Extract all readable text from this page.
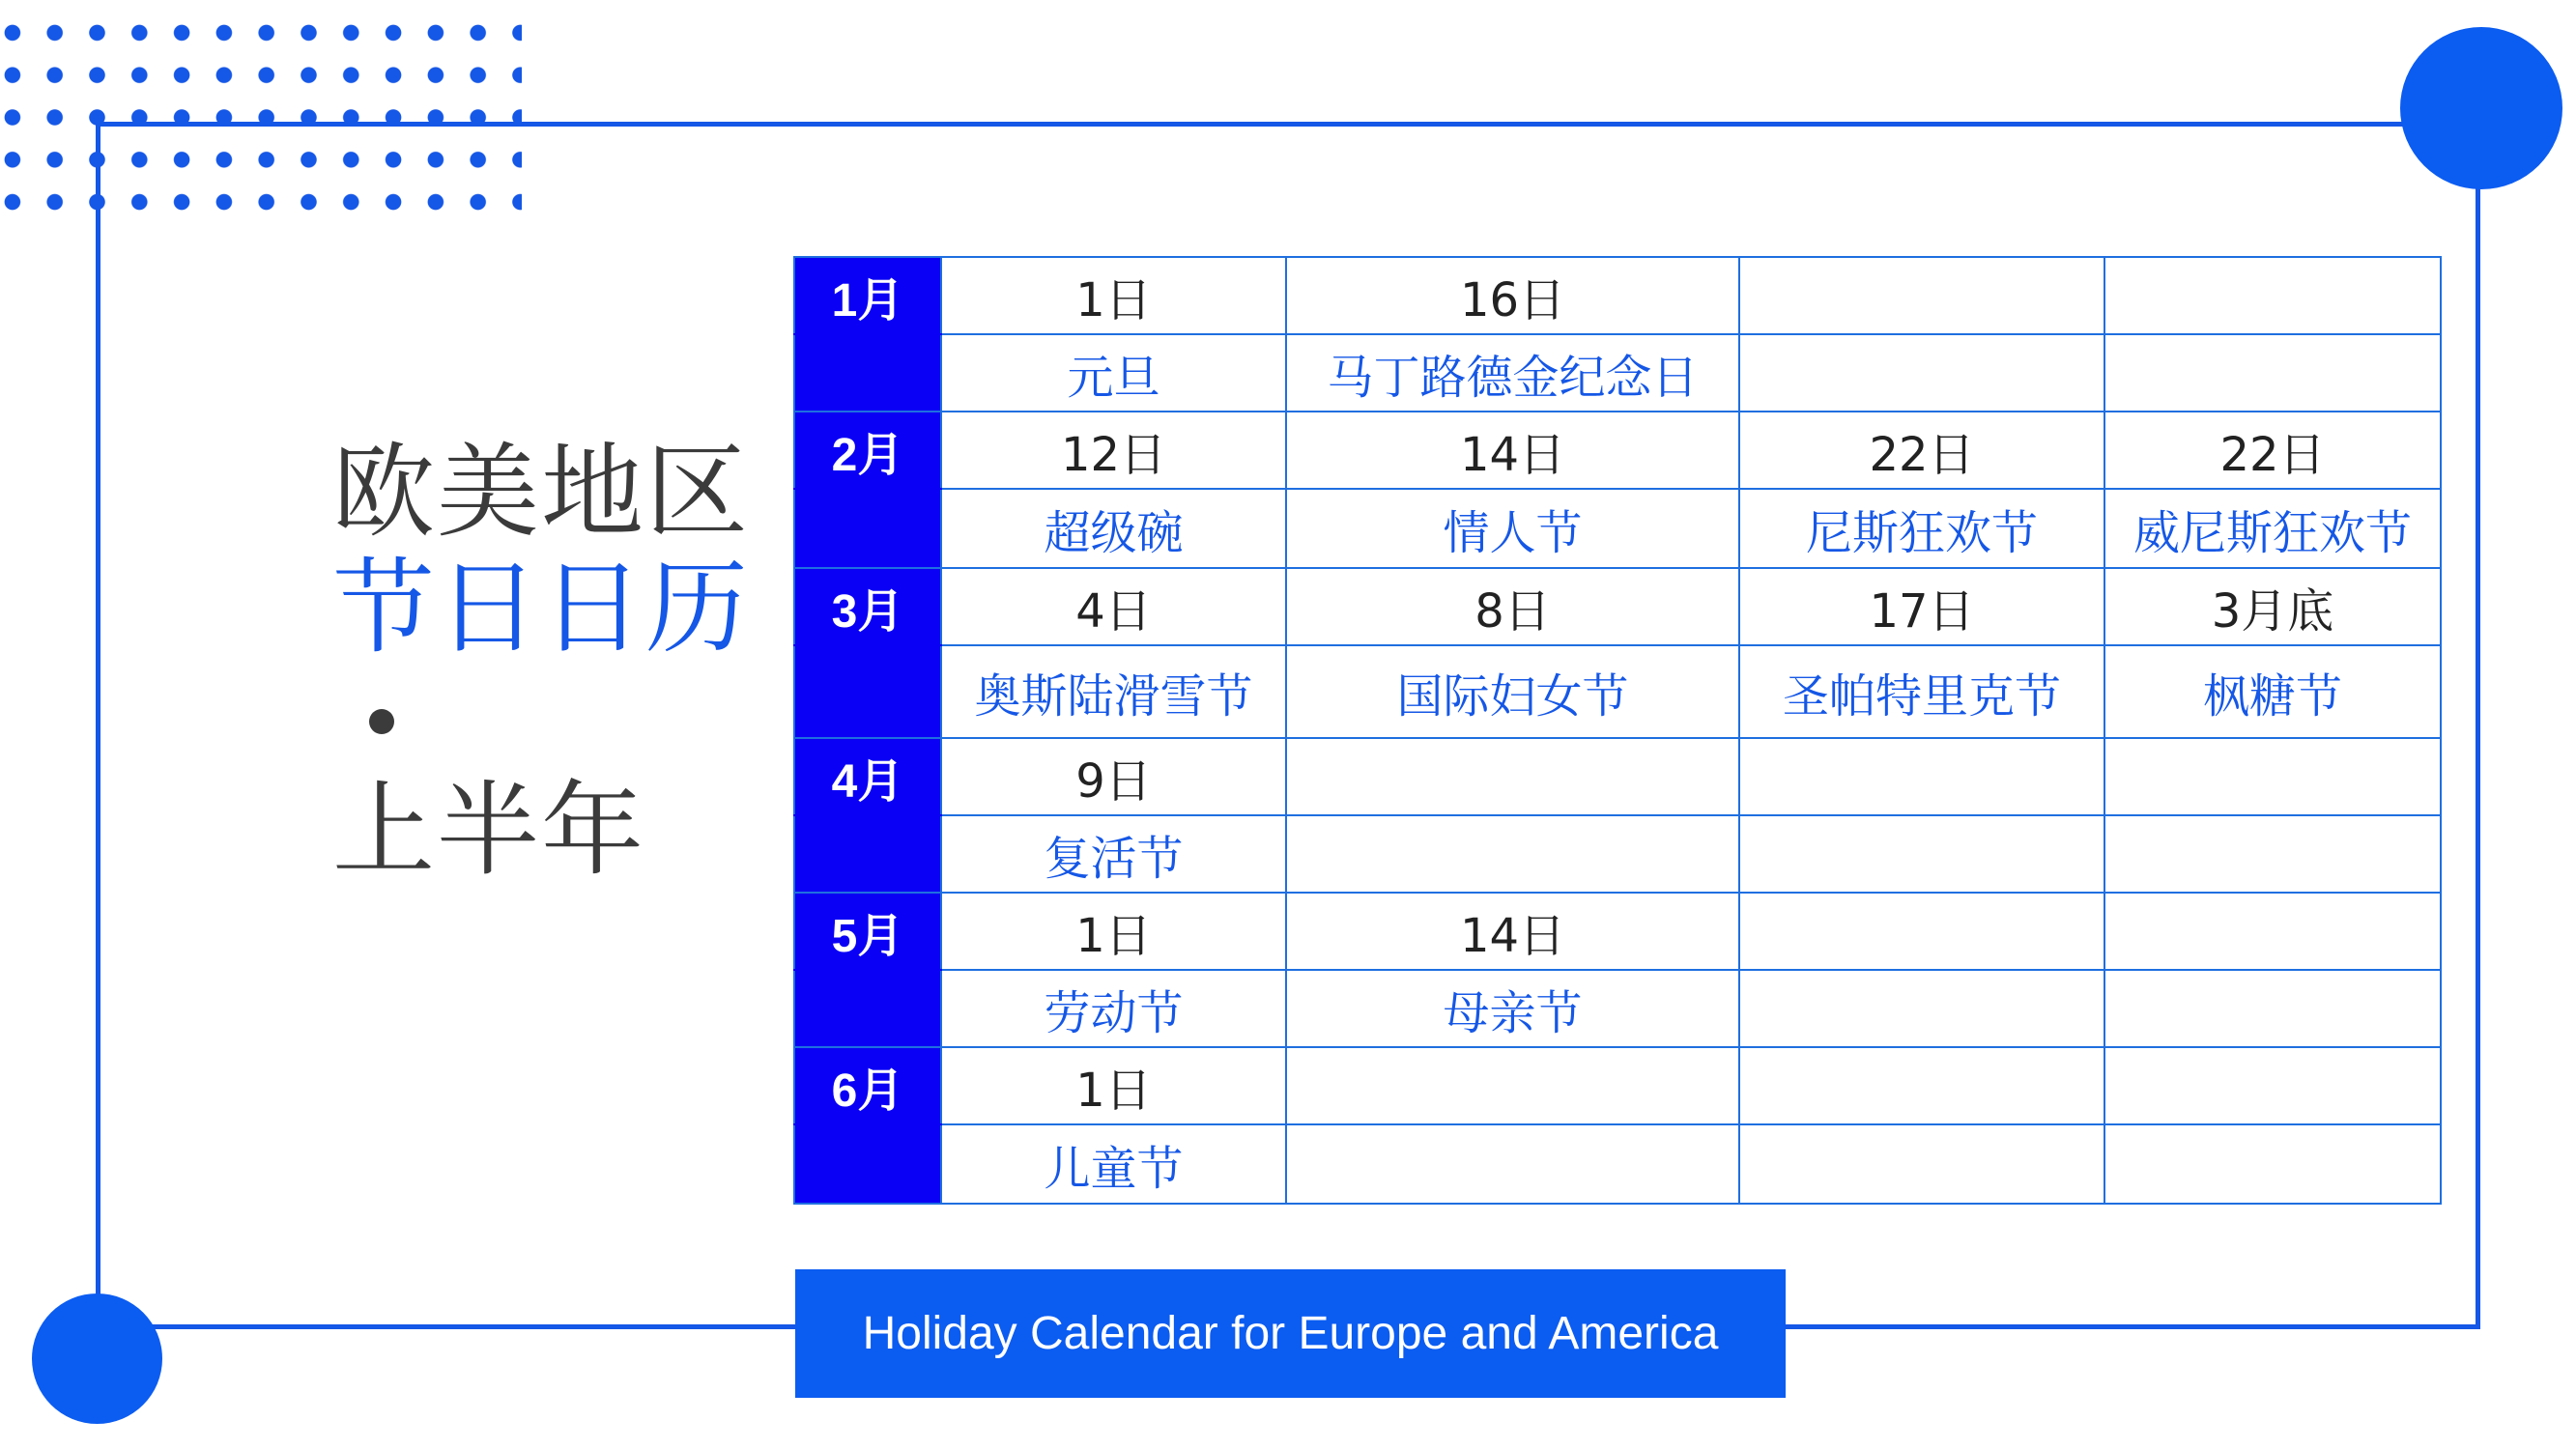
欧美地区
节日日历
上半年
1月	1日	16日		
	元旦	马丁路德金纪念日		
2月	12日	14日	22日	22日
	超级碗	情人节	尼斯狂欢节	威尼斯狂欢节
3月	4日	8日	17日	3月底
	奥斯陆滑雪节	国际妇女节	圣帕特里克节	枫糖节
4月	9日			
	复活节			
5月	1日	14日		
	劳动节	母亲节		
6月	1日			
	儿童节			
Holiday Calendar for Europe and America
